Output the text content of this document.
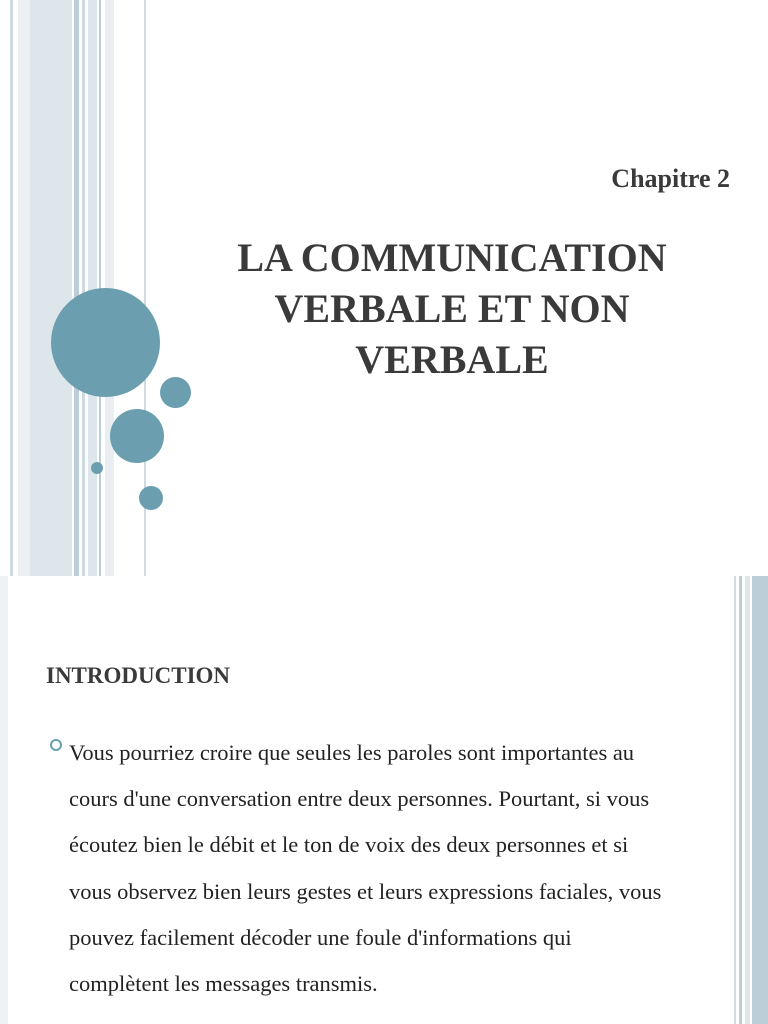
Chapitre 2

LA COMMUNICATION VERBALE ET NON VERBALE
INTRODUCTION

Vous pourriez croire que seules les paroles sont importantes au cours d'une conversation entre deux personnes. Pourtant, si vous écoutez bien le débit et le ton de voix des deux personnes et si vous observez bien leurs gestes et leurs expressions faciales, vous pouvez facilement décoder une foule d'informations qui complètent les messages transmis.
